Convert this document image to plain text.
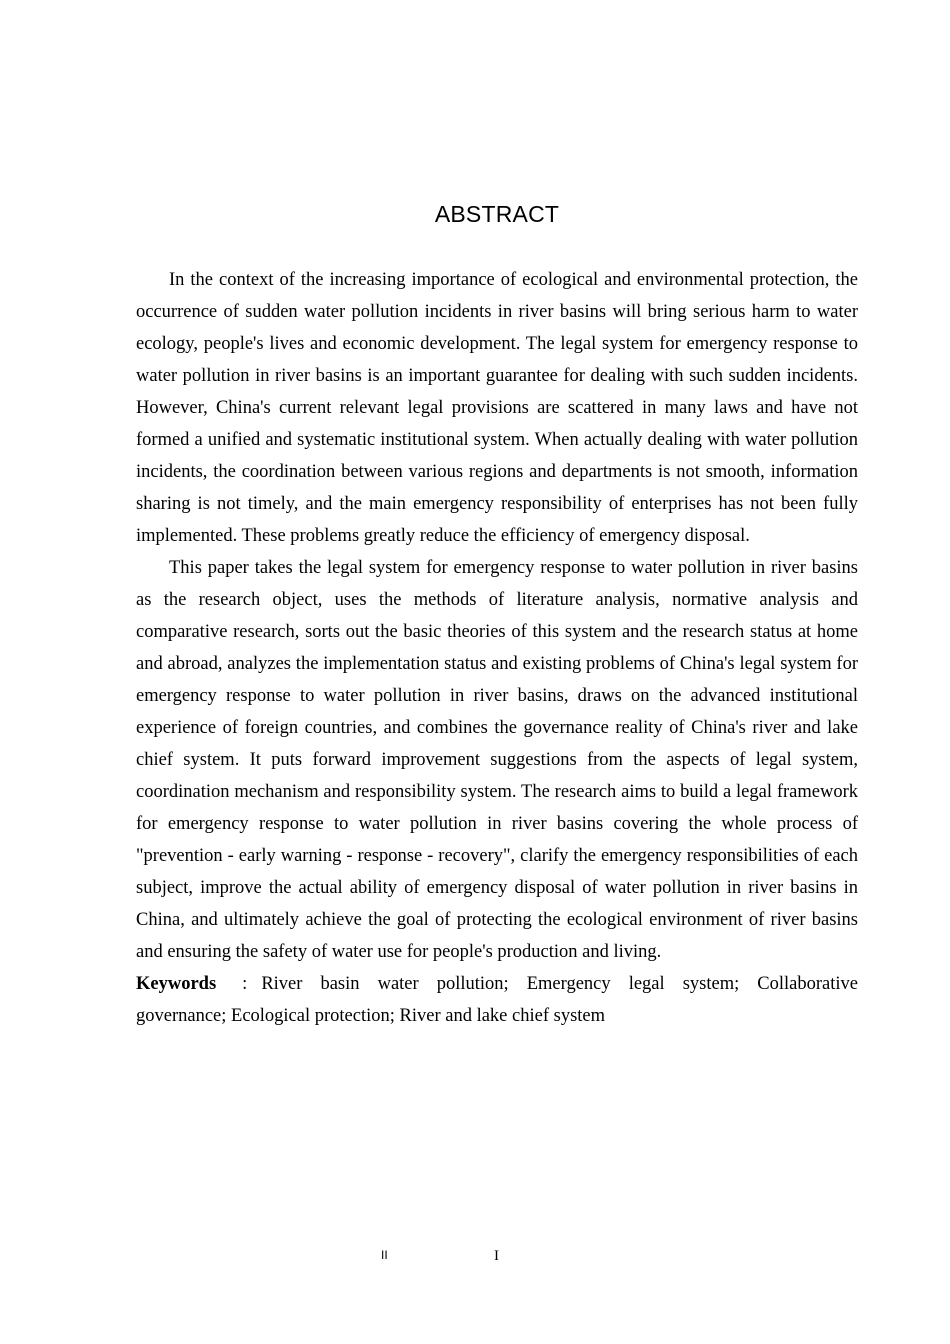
ABSTRACT

In the context of the increasing importance of ecological and environmental protection, the occurrence of sudden water pollution incidents in river basins will bring serious harm to water ecology, people's lives and economic development. The legal system for emergency response to water pollution in river basins is an important guarantee for dealing with such sudden incidents. However, China's current relevant legal provisions are scattered in many laws and have not formed a unified and systematic institutional system. When actually dealing with water pollution incidents, the coordination between various regions and departments is not smooth, information sharing is not timely, and the main emergency responsibility of enterprises has not been fully implemented. These problems greatly reduce the efficiency of emergency disposal.

This paper takes the legal system for emergency response to water pollution in river basins as the research object, uses the methods of literature analysis, normative analysis and comparative research, sorts out the basic theories of this system and the research status at home and abroad, analyzes the implementation status and existing problems of China's legal system for emergency response to water pollution in river basins, draws on the advanced institutional experience of foreign countries, and combines the governance reality of China's river and lake chief system. It puts forward improvement suggestions from the aspects of legal system, coordination mechanism and responsibility system. The research aims to build a legal framework for emergency response to water pollution in river basins covering the whole process of "prevention - early warning - response - recovery", clarify the emergency responsibilities of each subject, improve the actual ability of emergency disposal of water pollution in river basins in China, and ultimately achieve the goal of protecting the ecological environment of river basins and ensuring the safety of water use for people's production and living.

Keywords : River basin water pollution; Emergency legal system; Collaborative governance; Ecological protection; River and lake chief system

II	I
